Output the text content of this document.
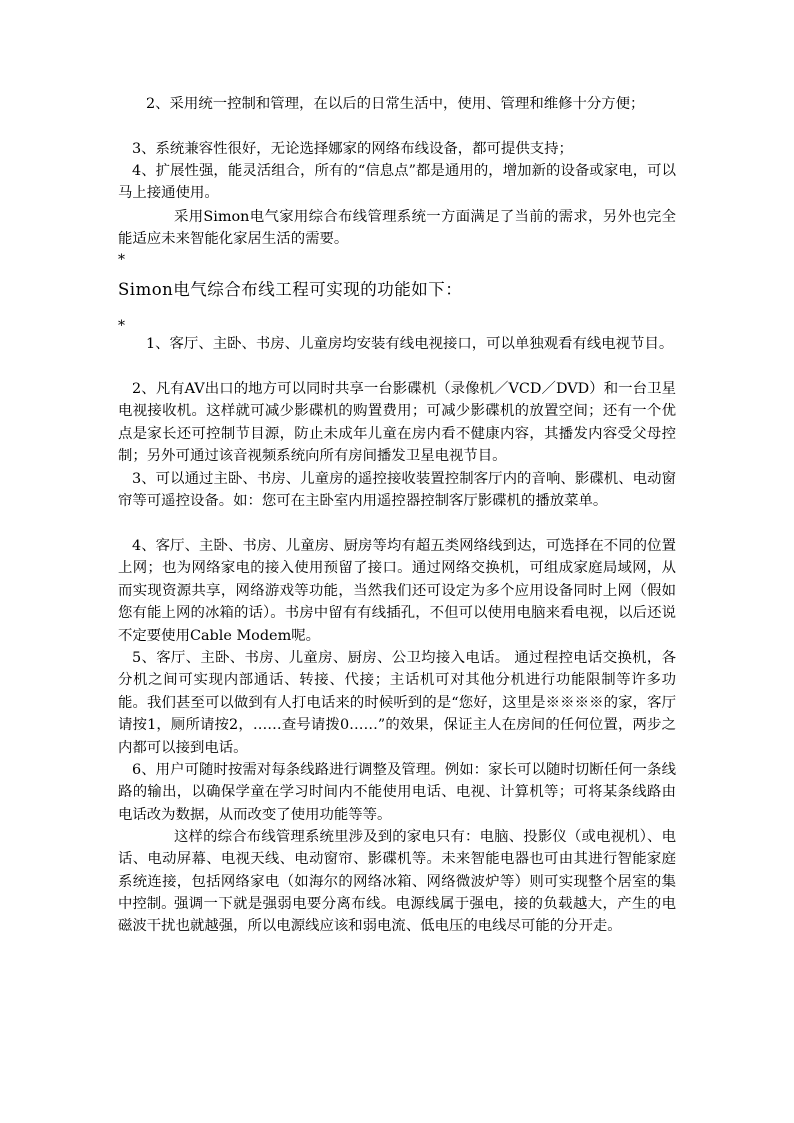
2、采用统一控制和管理，在以后的日常生活中，使用、管理和维修十分方便；

3、系统兼容性很好，无论选择娜家的网络布线设备，都可提供支持；

4、扩展性强，能灵活组合，所有的“信息点”都是通用的，增加新的设备或家电，可以马上接通使用。

采用Simon电气家用综合布线管理系统一方面满足了当前的需求，另外也完全能适应未来智能化家居生活的需要。

*
Simon电气综合布线工程可实现的功能如下：
*

1、客厅、主卧、书房、儿童房均安装有线电视接口，可以单独观看有线电视节目。

2、凡有AV出口的地方可以同时共享一台影碟机（录像机／VCD／DVD）和一台卫星电视接收机。这样就可减少影碟机的购置费用；可减少影碟机的放置空间；还有一个优点是家长还可控制节目源，防止未成年儿童在房内看不健康内容，其播发内容受父母控制；另外可通过该音视频系统向所有房间播发卫星电视节目。

3、可以通过主卧、书房、儿童房的遥控接收装置控制客厅内的音响、影碟机、电动窗帘等可遥控设备。如：您可在主卧室内用遥控器控制客厅影碟机的播放菜单。

4、客厅、主卧、书房、儿童房、厨房等均有超五类网络线到达，可选择在不同的位置上网；也为网络家电的接入使用预留了接口。通过网络交换机，可组成家庭局域网，从而实现资源共享，网络游戏等功能，当然我们还可设定为多个应用设备同时上网（假如您有能上网的冰箱的话）。书房中留有有线插孔，不但可以使用电脑来看电视，以后还说不定要使用Cable Modem呢。

5、客厅、主卧、书房、儿童房、厨房、公卫均接入电话。 通过程控电话交换机，各分机之间可实现内部通话、转接、代接；主话机可对其他分机进行功能限制等许多功能。我们甚至可以做到有人打电话来的时候听到的是“您好，这里是※※※※的家，客厅请按1，厕所请按2，……查号请拨0……”的效果，保证主人在房间的任何位置，两步之内都可以接到电话。

6、用户可随时按需对每条线路进行调整及管理。例如：家长可以随时切断任何一条线路的输出，以确保学童在学习时间内不能使用电话、电视、计算机等；可将某条线路由电话改为数据，从而改变了使用功能等等。

这样的综合布线管理系统里涉及到的家电只有：电脑、投影仪（或电视机）、电话、电动屏幕、电视天线、电动窗帘、影碟机等。未来智能电器也可由其进行智能家庭系统连接，包括网络家电（如海尔的网络冰箱、网络微波炉等）则可实现整个居室的集中控制。

强调一下就是强弱电要分离布线。电源线属于强电，接的负载越大，产生的电磁波干扰也就越强，所以电源线应该和弱电流、低电压的电线尽可能的分开走。
